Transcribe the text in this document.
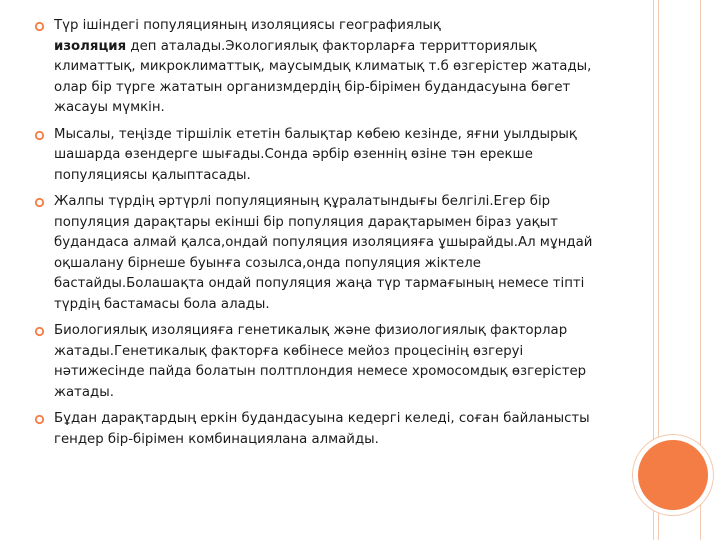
Түр ішіндегі популяцияның изоляциясы географиялық
изоляция деп аталады.Экологиялық факторларға территториялық климаттық, микроклиматтық, маусымдық климатық т.б өзгерістер жатады, олар бір түрге жататын организмдердің бір-бірімен будандасуына бөгет жасауы мүмкін.

Мысалы, теңізде тіршілік ететін балықтар көбею кезінде, яғни уылдырық шашарда өзендерге шығады.Сонда әрбір өзеннің өзіне тән ерекше популяциясы қалыптасады.

Жалпы түрдің әртүрлі популяцияның құралатындығы белгілі.Егер бір популяция дарақтары екінші бір популяция дарақтарымен біраз уақыт будандаса алмай қалса,ондай популяция изоляцияға ұшырайды.Ал мұндай оқшалану бірнеше буынға созылса,онда популяция жіктеле бастайды.Болашақта ондай популяция жаңа түр тармағының немесе тіпті түрдің бастамасы бола алады.

Биологиялық изоляцияға генетикалық және физиологиялық факторлар жатады.Генетикалық факторға көбінесе мейоз процесінің өзгеруі нәтижесінде пайда болатын полтплондия немесе хромосомдық өзгерістер жатады.

Бұдан дарақтардың еркін будандасуына кедергі келеді, соған байланысты гендер бір-бірімен комбинациялана алмайды.
